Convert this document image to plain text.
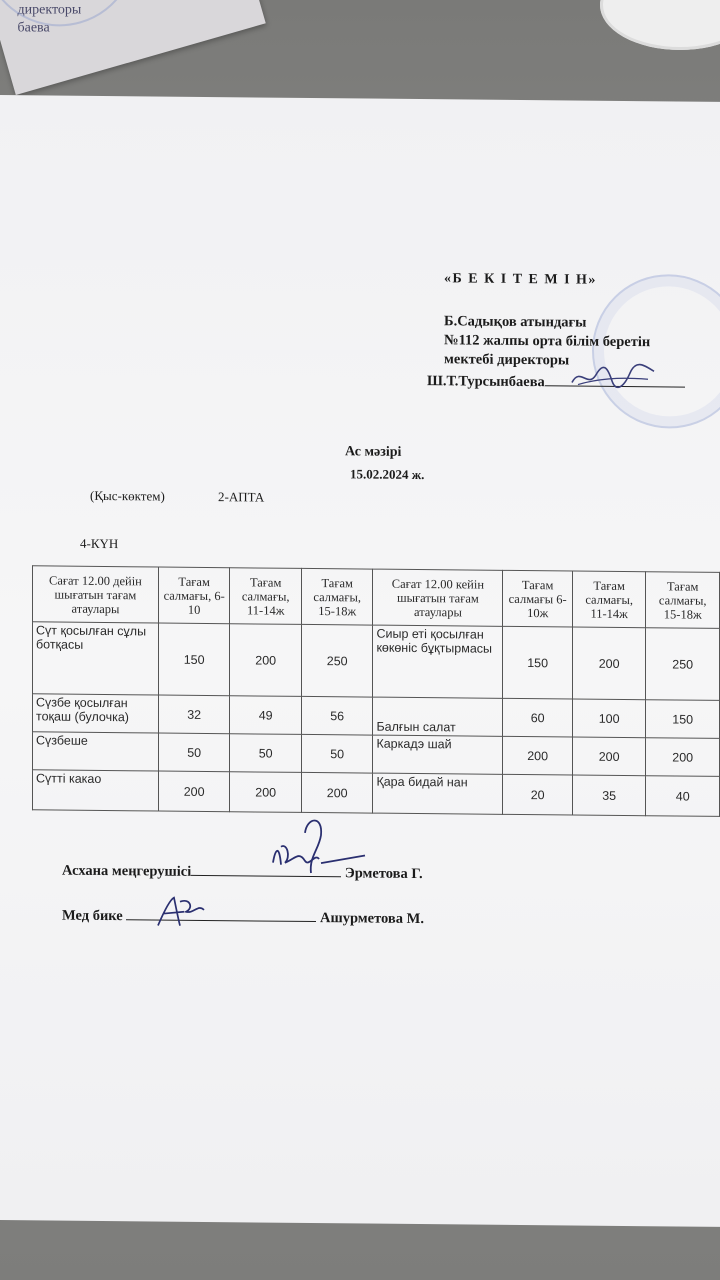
директоры
баева
«Б Е К І Т Е М І Н»
Б.Садықов атындағы
№112 жалпы орта білім беретін
мектебі директоры
Ш.Т.Турсынбаева
Ас мәзірі
15.02.2024 ж.
(Қыс-көктем)	2-АПТА
4-КҮН
Сағат 12.00 дейін шығатын тағам атаулары	Тағам салмағы, 6-10	Тағам салмағы, 11-14ж	Тағам салмағы, 15-18ж	Сағат 12.00 кейін шығатын тағам атаулары	Тағам салмағы 6-10ж	Тағам салмағы, 11-14ж	Тағам салмағы, 15-18ж
Сүт қосылған сұлы ботқасы	150	200	250	Сиыр еті қосылған көкөніс бұқтырмасы	150	200	250
Сүзбе қосылған тоқаш (булочка)	32	49	56	Балғын салат	60	100	150
Сүзбеше	50	50	50	Каркадэ шай	200	200	200
Сүтті какао	200	200	200	Қара бидай нан	20	35	40
Асхана меңгерушісі	Эрметова Г.
Мед бике	Ашурметова М.
